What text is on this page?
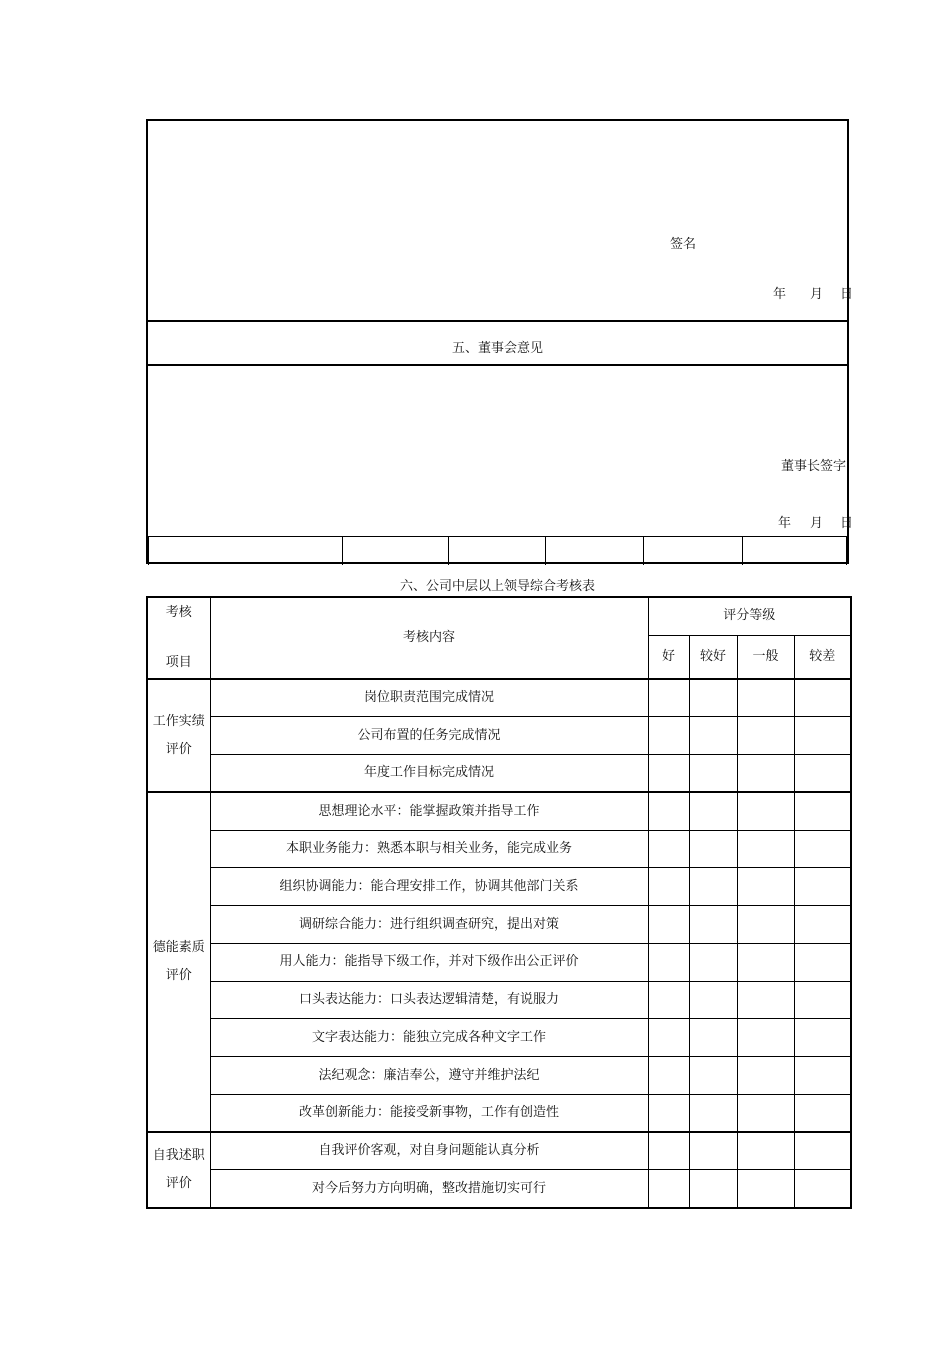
签名
年 月 日
五、董事会意见
董事长签字
年 月 日
六、公司中层以上领导综合考核表
考核
项目	考核内容	评分等级			
		好	较好	一般	较差

工作实绩
评价	岗位职责范围完成情况				
	公司布置的任务完成情况				
	年度工作目标完成情况				

德能素质
评价	思想理论水平：能掌握政策并指导工作				
	本职业务能力：熟悉本职与相关业务，能完成业务				
	组织协调能力：能合理安排工作，协调其他部门关系				
	调研综合能力：进行组织调查研究，提出对策				
	用人能力：能指导下级工作，并对下级作出公正评价				
	口头表达能力：口头表达逻辑清楚，有说服力				
	文字表达能力：能独立完成各种文字工作				
	法纪观念：廉洁奉公，遵守并维护法纪				
	改革创新能力：能接受新事物，工作有创造性				

自我述职
评价	自我评价客观，对自身问题能认真分析				
	对今后努力方向明确，整改措施切实可行				
